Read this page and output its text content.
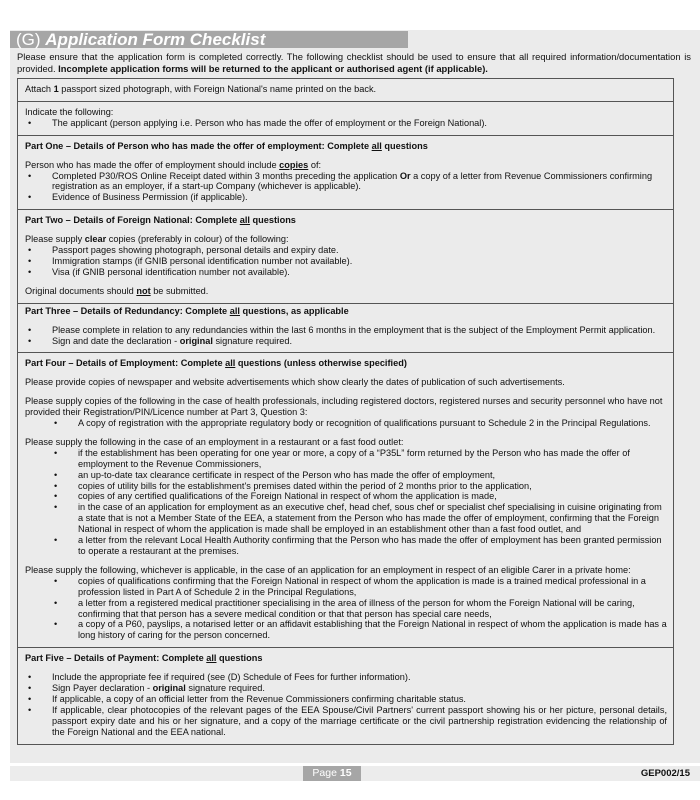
(G) Application Form Checklist
Please ensure that the application form is completed correctly. The following checklist should be used to ensure that all required information/documentation is provided. Incomplete application forms will be returned to the applicant or authorised agent (if applicable).

Attach 1 passport sized photograph, with Foreign National's name printed on the back.

Indicate the following:

• The applicant (person applying i.e. Person who has made the offer of employment or the Foreign National).
Part One – Details of Person who has made the offer of employment: Complete all questions

Person who has made the offer of employment should include copies of:

• Completed P30/ROS Online Receipt dated within 3 months preceding the application Or a copy of a letter from Revenue Commissioners confirming registration as an employer, if a start-up Company (whichever is applicable).
• Evidence of Business Permission (if applicable).
Part Two – Details of Foreign National: Complete all questions

Please supply clear copies (preferably in colour) of the following:

• Passport pages showing photograph, personal details and expiry date.
• Immigration stamps (if GNIB personal identification number not available).
• Visa (if GNIB personal identification number not available).

Original documents should not be submitted.

Part Three – Details of Redundancy: Complete all questions, as applicable
• Please complete in relation to any redundancies within the last 6 months in the employment that is the subject of the Employment Permit application.
• Sign and date the declaration - original signature required.
Part Four – Details of Employment: Complete all questions (unless otherwise specified)

Please provide copies of newspaper and website advertisements which show clearly the dates of publication of such advertisements.

Please supply copies of the following in the case of health professionals, including registered doctors, registered nurses and security personnel who have not provided their Registration/PIN/Licence number at Part 3, Question 3:

• A copy of registration with the appropriate regulatory body or recognition of qualifications pursuant to Schedule 2 in the Principal Regulations.

Please supply the following in the case of an employment in a restaurant or a fast food outlet:

• if the establishment has been operating for one year or more, a copy of a “P35L” form returned by the Person who has made the offer of employment to the Revenue Commissioners,
• an up-to-date tax clearance certificate in respect of the Person who has made the offer of employment,
• copies of utility bills for the establishment's premises dated within the period of 2 months prior to the application,
• copies of any certified qualifications of the Foreign National in respect of whom the application is made,
• in the case of an application for employment as an executive chef, head chef, sous chef or specialist chef specialising in cuisine originating from a state that is not a Member State of the EEA, a statement from the Person who has made the offer of employment, confirming that the Foreign National in respect of whom the application is made shall be employed in an establishment other than a fast food outlet, and
• a letter from the relevant Local Health Authority confirming that the Person who has made the offer of employment has been granted permission to operate a restaurant at the premises.

Please supply the following, whichever is applicable, in the case of an application for an employment in respect of an eligible Carer in a private home:

• copies of qualifications confirming that the Foreign National in respect of whom the application is made is a trained medical professional in a profession listed in Part A of Schedule 2 in the Principal Regulations,
• a letter from a registered medical practitioner specialising in the area of illness of the person for whom the Foreign National will be caring, confirming that that person has a severe medical condition or that that person has special care needs,
• a copy of a P60, payslips, a notarised letter or an affidavit establishing that the Foreign National in respect of whom the application is made has a long history of caring for the person concerned.
Part Five – Details of Payment: Complete all questions
• Include the appropriate fee if required (see (D) Schedule of Fees for further information).
• Sign Payer declaration - original signature required.
• If applicable, a copy of an official letter from the Revenue Commissioners confirming charitable status.
• If applicable, clear photocopies of the relevant pages of the EEA Spouse/Civil Partners' current passport showing his or her picture, personal details, passport expiry date and his or her signature, and a copy of the marriage certificate or the civil partnership registration evidencing the relationship of the Foreign National and the EEA national.
Page 15	GEP002/15
